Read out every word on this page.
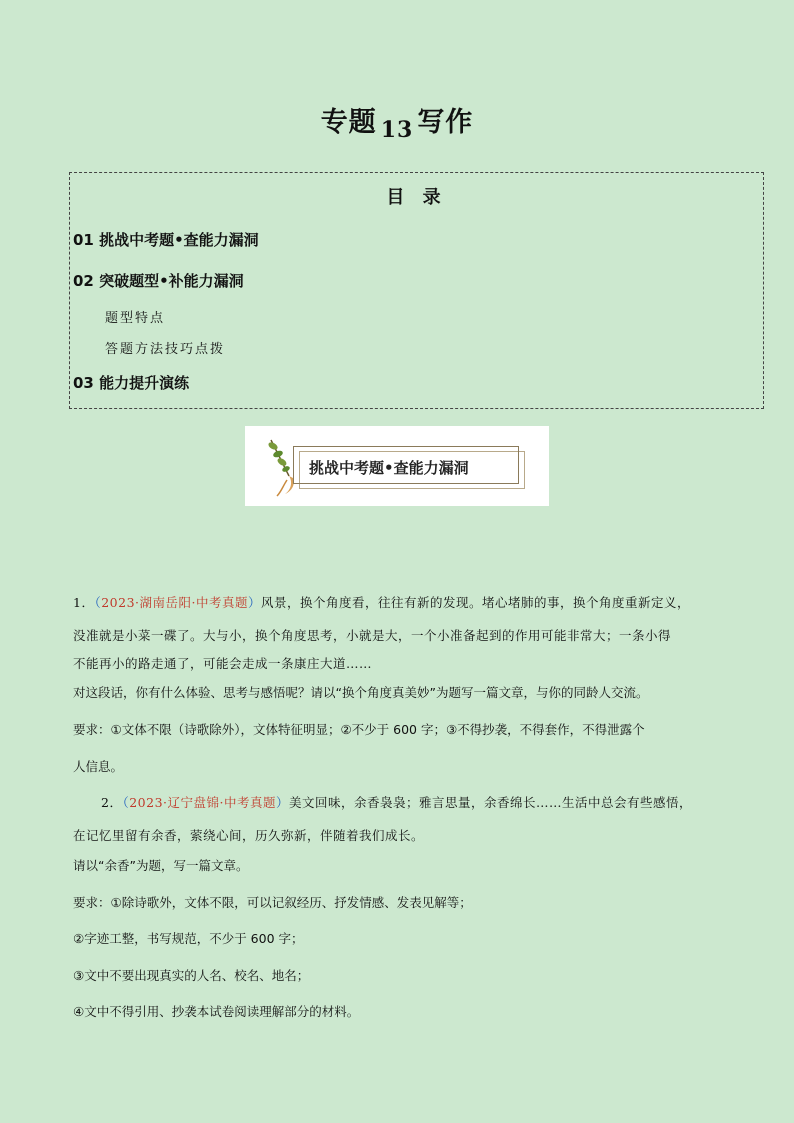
专题 $_{13}$ 写作
目 录
01 挑战中考题•查能力漏洞
02 突破题型•补能力漏洞
题型特点
答题方法技巧点拨
03 能力提升演练
挑战中考题•查能力漏洞
1．（2023·湖南岳阳·中考真题）风景，换个角度看，往往有新的发现。堵心堵肺的事，换个角度重新定义，
没准就是小菜一碟了。大与小，换个角度思考，小就是大，一个小准备起到的作用可能非常大；一条小得
不能再小的路走通了，可能会走成一条康庄大道……
对这段话，你有什么体验、思考与感悟呢？请以“换个角度真美妙”为题写一篇文章，与你的同龄人交流。
要求：①文体不限（诗歌除外），文体特征明显；②不少于 600 字；③不得抄袭，不得套作，不得泄露个
人信息。
2．（2023·辽宁盘锦·中考真题）美文回味，余香袅袅；雅言思量，余香绵长……生活中总会有些感悟，
在记忆里留有余香，萦绕心间，历久弥新，伴随着我们成长。
请以“余香”为题，写一篇文章。
要求：①除诗歌外，文体不限，可以记叙经历、抒发情感、发表见解等；
②字迹工整，书写规范，不少于 600 字；
③文中不要出现真实的人名、校名、地名；
④文中不得引用、抄袭本试卷阅读理解部分的材料。
